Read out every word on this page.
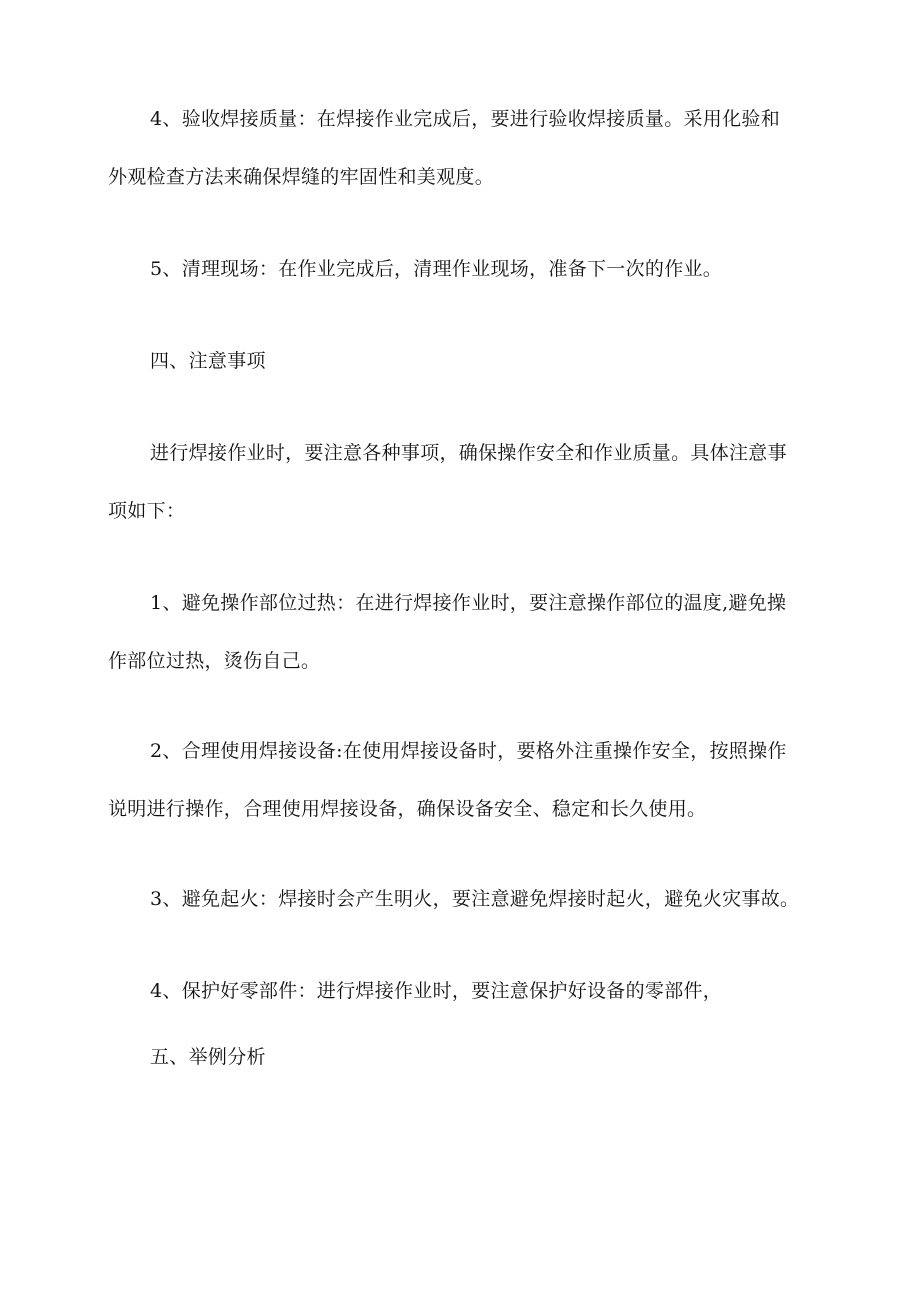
4、验收焊接质量：在焊接作业完成后，要进行验收焊接质量。采用化验和
外观检查方法来确保焊缝的牢固性和美观度。
5、清理现场：在作业完成后，清理作业现场，准备下一次的作业。
四、注意事项
进行焊接作业时，要注意各种事项，确保操作安全和作业质量。具体注意事
项如下：
1、避免操作部位过热：在进行焊接作业时，要注意操作部位的温度,避免操
作部位过热，烫伤自己。
2、合理使用焊接设备:在使用焊接设备时，要格外注重操作安全，按照操作
说明进行操作，合理使用焊接设备，确保设备安全、稳定和长久使用。
3、避免起火：焊接时会产生明火，要注意避免焊接时起火，避免火灾事故。
4、保护好零部件：进行焊接作业时，要注意保护好设备的零部件，
五、举例分析
